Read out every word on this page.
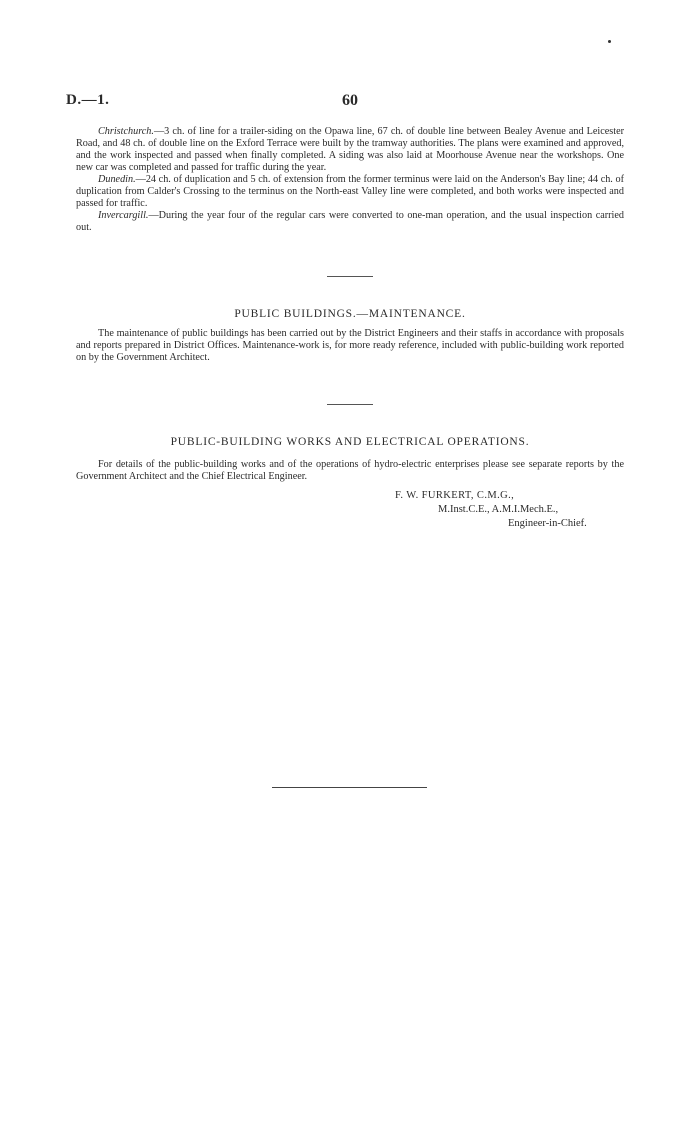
D.—1.	60

Christchurch.—3 ch. of line for a trailer-siding on the Opawa line, 67 ch. of double line between Bealey Avenue and Leicester Road, and 48 ch. of double line on the Exford Terrace were built by the tramway authorities. The plans were examined and approved, and the work inspected and passed when finally completed. A siding was also laid at Moorhouse Avenue near the workshops. One new car was completed and passed for traffic during the year.

Dunedin.—24 ch. of duplication and 5 ch. of extension from the former terminus were laid on the Anderson's Bay line; 44 ch. of duplication from Calder's Crossing to the terminus on the North-east Valley line were completed, and both works were inspected and passed for traffic.

Invercargill.—During the year four of the regular cars were converted to one-man operation, and the usual inspection carried out.

PUBLIC BUILDINGS.—MAINTENANCE.

The maintenance of public buildings has been carried out by the District Engineers and their staffs in accordance with proposals and reports prepared in District Offices. Maintenance-work is, for more ready reference, included with public-building work reported on by the Government Architect.

PUBLIC-BUILDING WORKS AND ELECTRICAL OPERATIONS.

For details of the public-building works and of the operations of hydro-electric enterprises please see separate reports by the Government Architect and the Chief Electrical Engineer.

F. W. FURKERT, C.M.G.,
M.Inst.C.E., A.M.I.Mech.E.,
Engineer-in-Chief.
